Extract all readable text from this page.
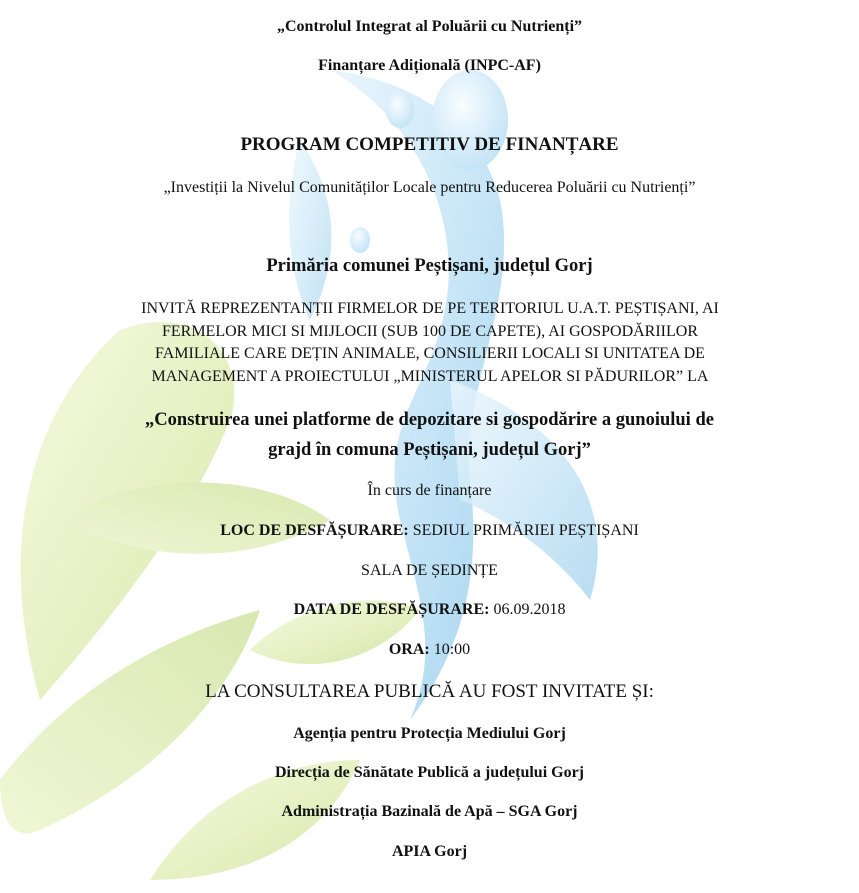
„Controlul Integrat al Poluării cu Nutrienți”
Finanțare Adițională (INPC-AF)
PROGRAM COMPETITIV DE FINANȚARE
„Investiții la Nivelul Comunităților Locale pentru Reducerea Poluării cu Nutrienți”
Primăria comunei Peștișani, județul Gorj
INVITĂ REPREZENTANȚII FIRMELOR DE PE TERITORIUL U.A.T. PEȘTIȘANI, AI
FERMELOR MICI SI MIJLOCII (SUB 100 DE CAPETE), AI GOSPODĂRIILOR
FAMILIALE CARE DEȚIN ANIMALE, CONSILIERII LOCALI SI UNITATEA DE
MANAGEMENT A PROIECTULUI „MINISTERUL APELOR SI PĂDURILOR” LA
„Construirea unei platforme de depozitare si gospodărire a gunoiului de
grajd în comuna Peștișani, județul Gorj”
În curs de finanțare
LOC DE DESFĂȘURARE: SEDIUL PRIMĂRIEI PEȘTIȘANI
SALA DE ȘEDINȚE
DATA DE DESFĂȘURARE: 06.09.2018
ORA: 10:00
LA CONSULTAREA PUBLICĂ AU FOST INVITATE ȘI:
Agenția pentru Protecția Mediului Gorj
Direcția de Sănătate Publică a județului Gorj
Administrația Bazinală de Apă – SGA Gorj
APIA Gorj
